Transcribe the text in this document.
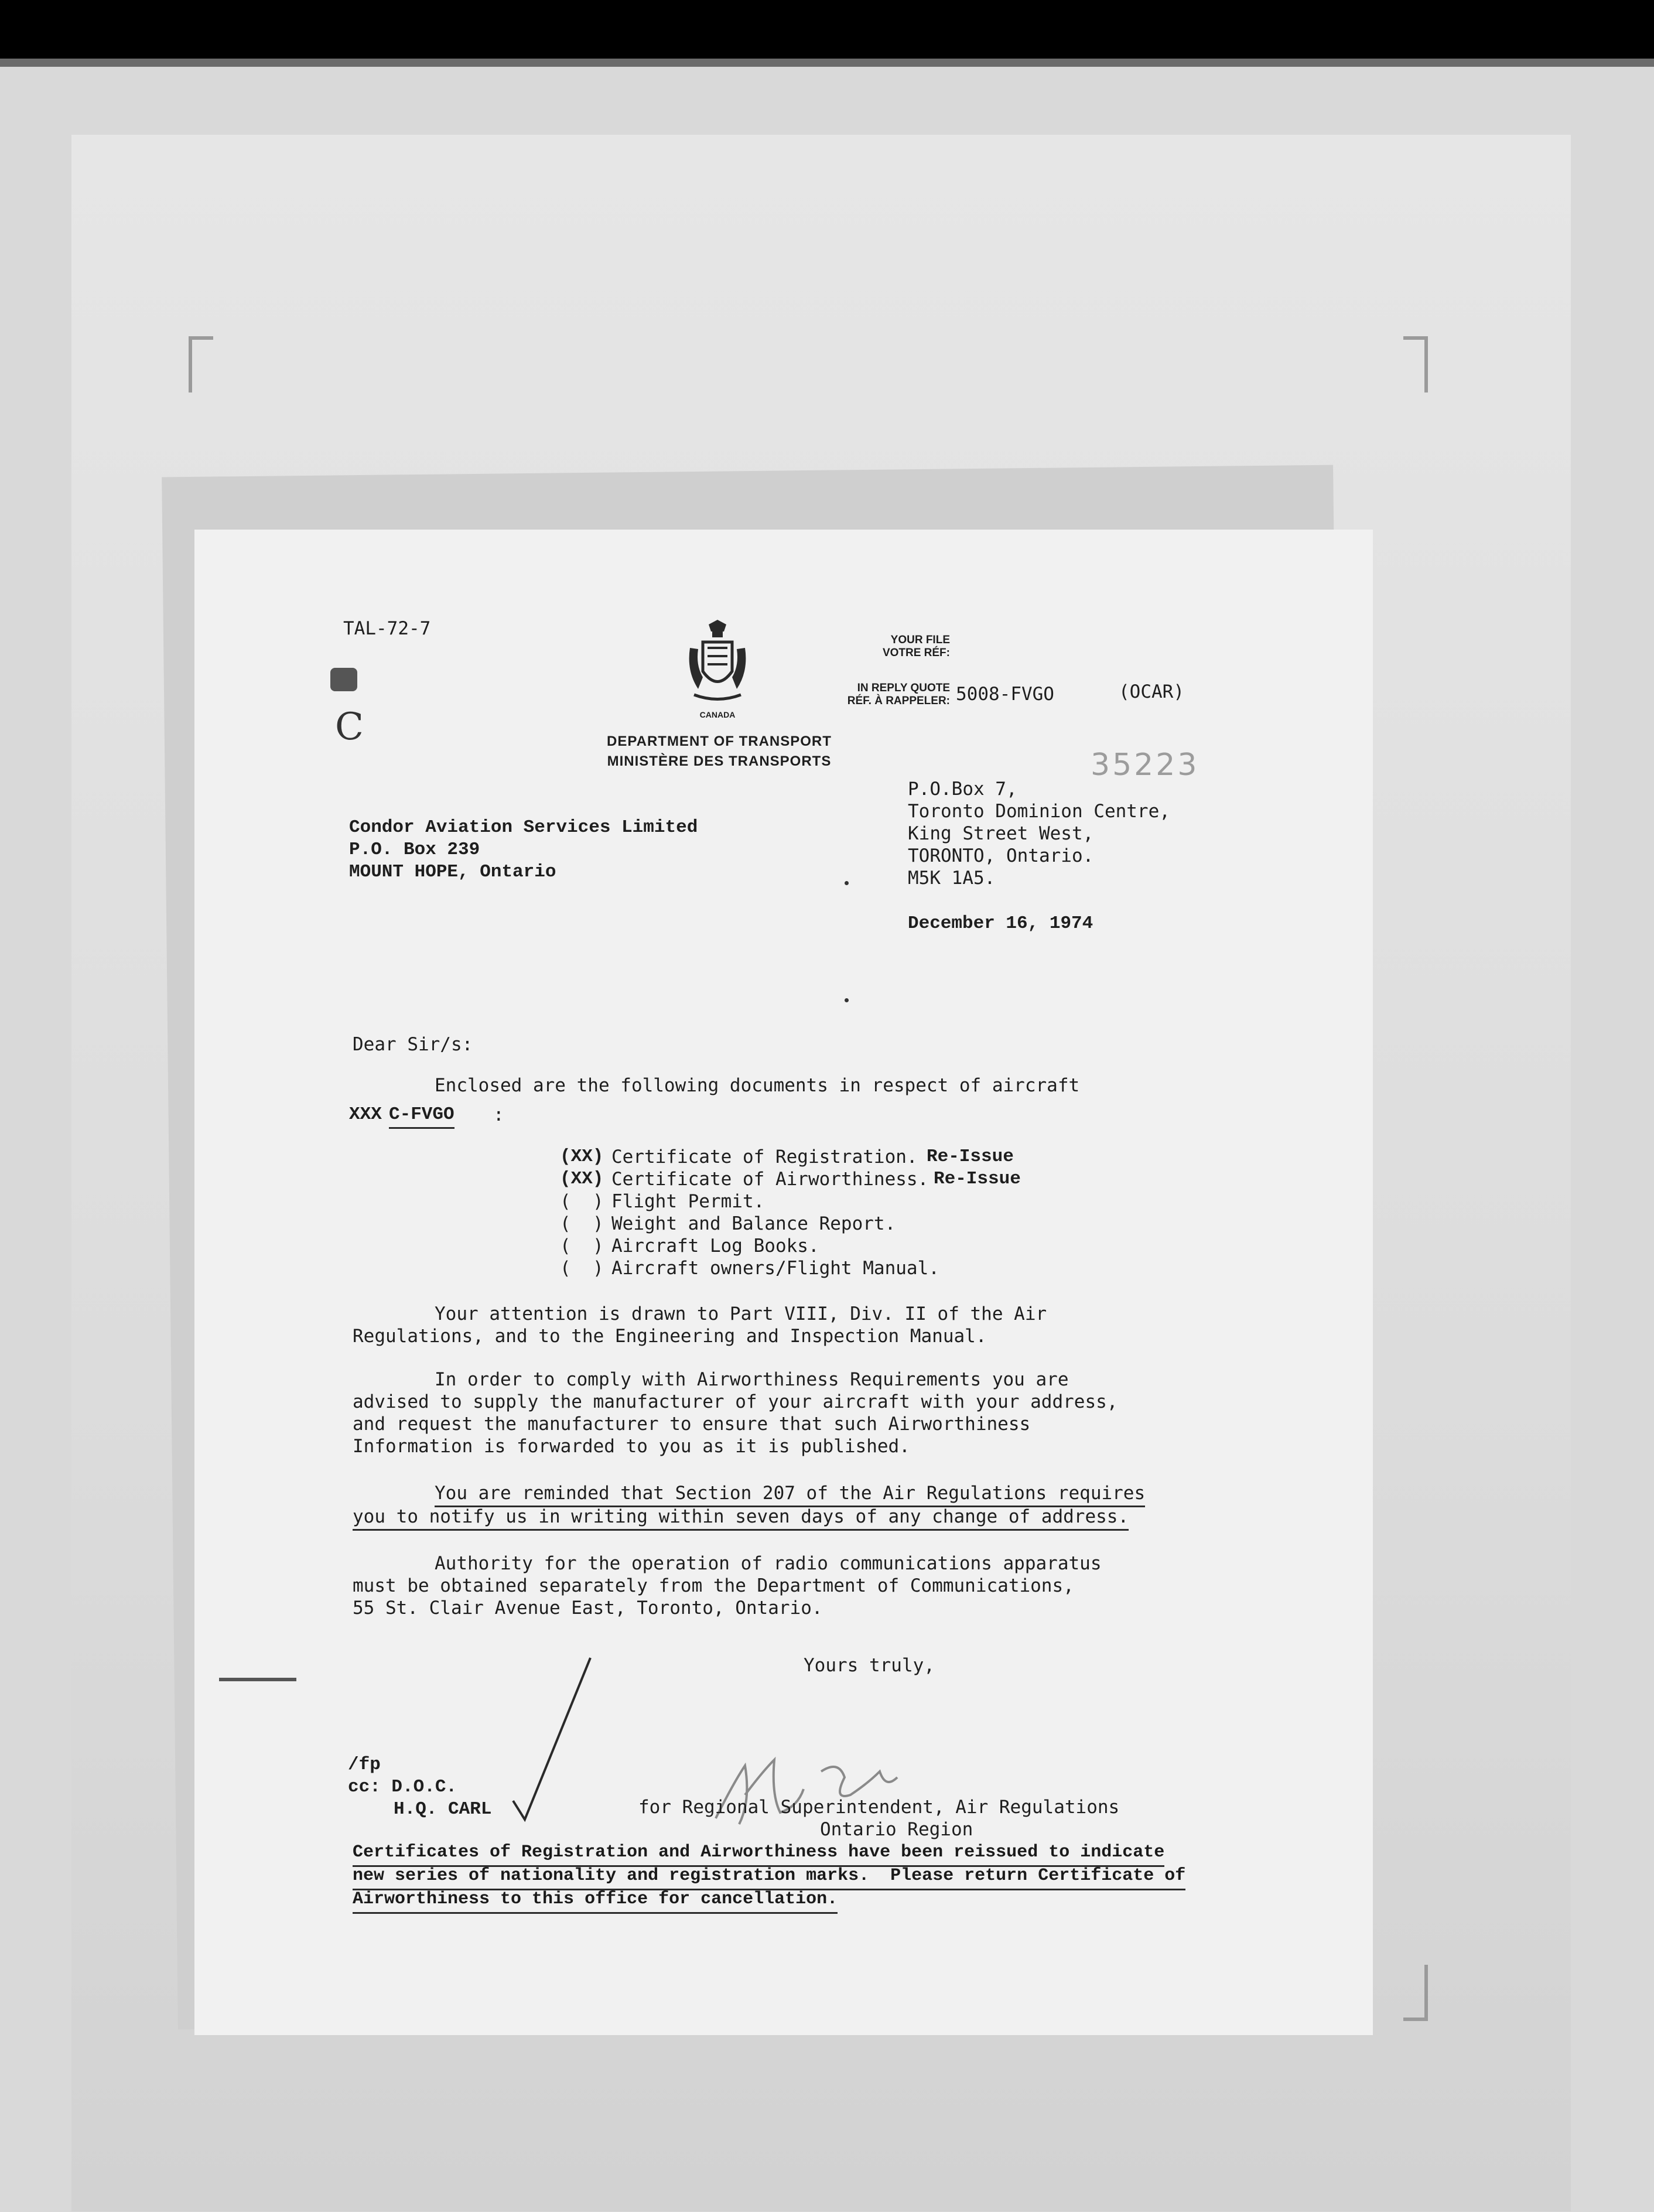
TAL-72-7
C	CANADA
DEPARTMENT OF TRANSPORT
MINISTÈRE DES TRANSPORTS
YOUR FILE
VOTRE RÉF:
IN REPLY QUOTE
RÉF. À RAPPELER: 5008-FVGO	(OCAR)
35223
P.O.Box 7,
Toronto Dominion Centre,
King Street West,
TORONTO, Ontario.
M5K 1A5.
December 16, 1974
Condor Aviation Services Limited
P.O. Box 239
MOUNT HOPE, Ontario
Dear Sir/s:
Enclosed are the following documents in respect of aircraft
XXX C-FVGO :
(XX) Certificate of Registration. Re-Issue
(XX) Certificate of Airworthiness. Re-Issue
(  ) Flight Permit.
(  ) Weight and Balance Report.
(  ) Aircraft Log Books.
(  ) Aircraft owners/Flight Manual.
Your attention is drawn to Part VIII, Div. II of the Air
Regulations, and to the Engineering and Inspection Manual.
In order to comply with Airworthiness Requirements you are
advised to supply the manufacturer of your aircraft with your address,
and request the manufacturer to ensure that such Airworthiness
Information is forwarded to you as it is published.
You are reminded that Section 207 of the Air Regulations requires
you to notify us in writing within seven days of any change of address.
Authority for the operation of radio communications apparatus
must be obtained separately from the Department of Communications,
55 St. Clair Avenue East, Toronto, Ontario.
Yours truly,
/fp
cc: D.O.C.
H.Q. CARL	for Regional Superintendent, Air Regulations
Ontario Region
Certificates of Registration and Airworthiness have been reissued to indicate
new series of nationality and registration marks.  Please return Certificate of
Airworthiness to this office for cancellation.
